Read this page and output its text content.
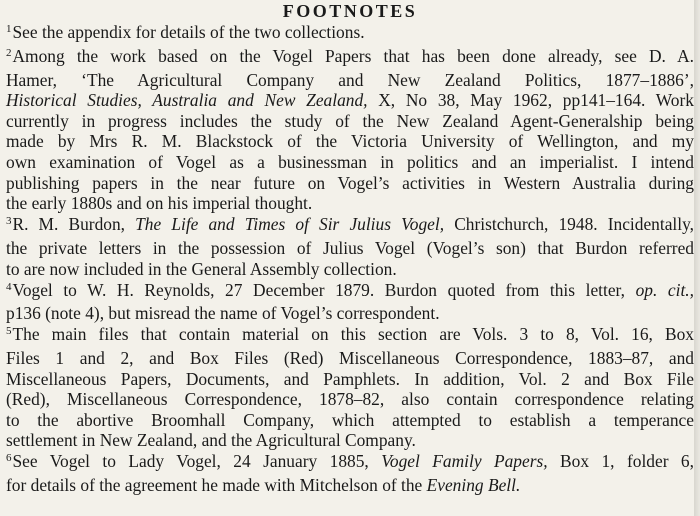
FOOTNOTES
$^1$See the appendix for details of the two collections.
$^2$Among the work based on the Vogel Papers that has been done already, see D. A.
Hamer, ‘The Agricultural Company and New Zealand Politics, 1877–1886’,
Historical Studies, Australia and New Zealand, X, No 38, May 1962, pp141–164. Work
currently in progress includes the study of the New Zealand Agent-Generalship being
made by Mrs R. M. Blackstock of the Victoria University of Wellington, and my
own examination of Vogel as a businessman in politics and an imperialist. I intend
publishing papers in the near future on Vogel’s activities in Western Australia during
the early 1880s and on his imperial thought.
$^3$R. M. Burdon, The Life and Times of Sir Julius Vogel, Christchurch, 1948. Incidentally,
the private letters in the possession of Julius Vogel (Vogel’s son) that Burdon referred
to are now included in the General Assembly collection.
$^4$Vogel to W. H. Reynolds, 27 December 1879. Burdon quoted from this letter, op. cit.,
p136 (note 4), but misread the name of Vogel’s correspondent.
$^5$The main files that contain material on this section are Vols. 3 to 8, Vol. 16, Box
Files 1 and 2, and Box Files (Red) Miscellaneous Correspondence, 1883–87, and
Miscellaneous Papers, Documents, and Pamphlets. In addition, Vol. 2 and Box File
(Red), Miscellaneous Correspondence, 1878–82, also contain correspondence relating
to the abortive Broomhall Company, which attempted to establish a temperance
settlement in New Zealand, and the Agricultural Company.
$^6$See Vogel to Lady Vogel, 24 January 1885, Vogel Family Papers, Box 1, folder 6,
for details of the agreement he made with Mitchelson of the Evening Bell.
